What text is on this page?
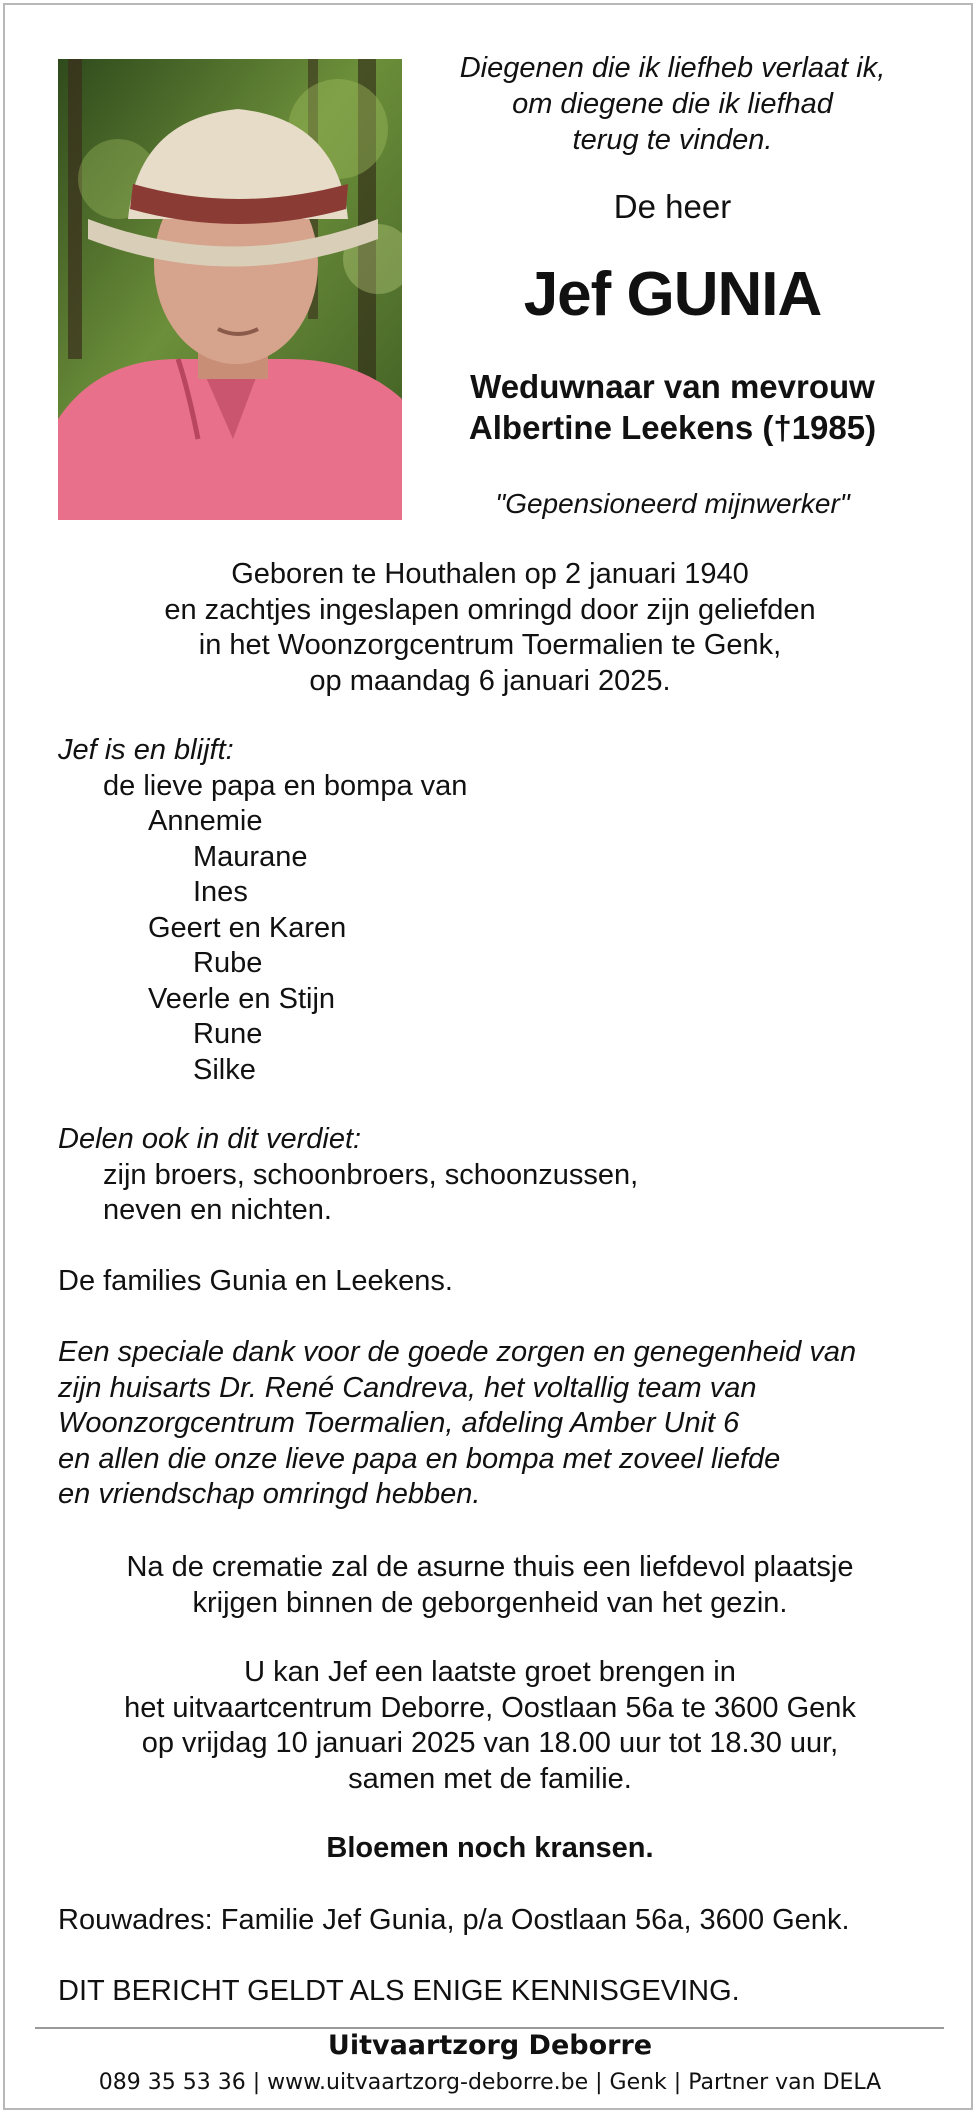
Diegenen die ik liefheb verlaat ik,
om diegene die ik liefhad
terug te vinden.
De heer
Jef GUNIA
Weduwnaar van mevrouw
Albertine Leekens (†1985)
"Gepensioneerd mijnwerker"
Geboren te Houthalen op 2 januari 1940
en zachtjes ingeslapen omringd door zijn geliefden
in het Woonzorgcentrum Toermalien te Genk,
op maandag 6 januari 2025.
Jef is en blijft:
de lieve papa en bompa van
Annemie
Maurane
Ines
Geert en Karen
Rube
Veerle en Stijn
Rune
Silke
Delen ook in dit verdiet:
zijn broers, schoonbroers, schoonzussen,
neven en nichten.
De families Gunia en Leekens.
Een speciale dank voor de goede zorgen en genegenheid van
zijn huisarts Dr. René Candreva, het voltallig team van
Woonzorgcentrum Toermalien, afdeling Amber Unit 6
en allen die onze lieve papa en bompa met zoveel liefde
en vriendschap omringd hebben.
Na de crematie zal de asurne thuis een liefdevol plaatsje
krijgen binnen de geborgenheid van het gezin.
U kan Jef een laatste groet brengen in
het uitvaartcentrum Deborre, Oostlaan 56a te 3600 Genk
op vrijdag 10 januari 2025 van 18.00 uur tot 18.30 uur,
samen met de familie.
Bloemen noch kransen.
Rouwadres: Familie Jef Gunia, p/a Oostlaan 56a, 3600 Genk.
DIT BERICHT GELDT ALS ENIGE KENNISGEVING.
Uitvaartzorg Deborre
089 35 53 36 | www.uitvaartzorg-deborre.be | Genk | Partner van DELA
